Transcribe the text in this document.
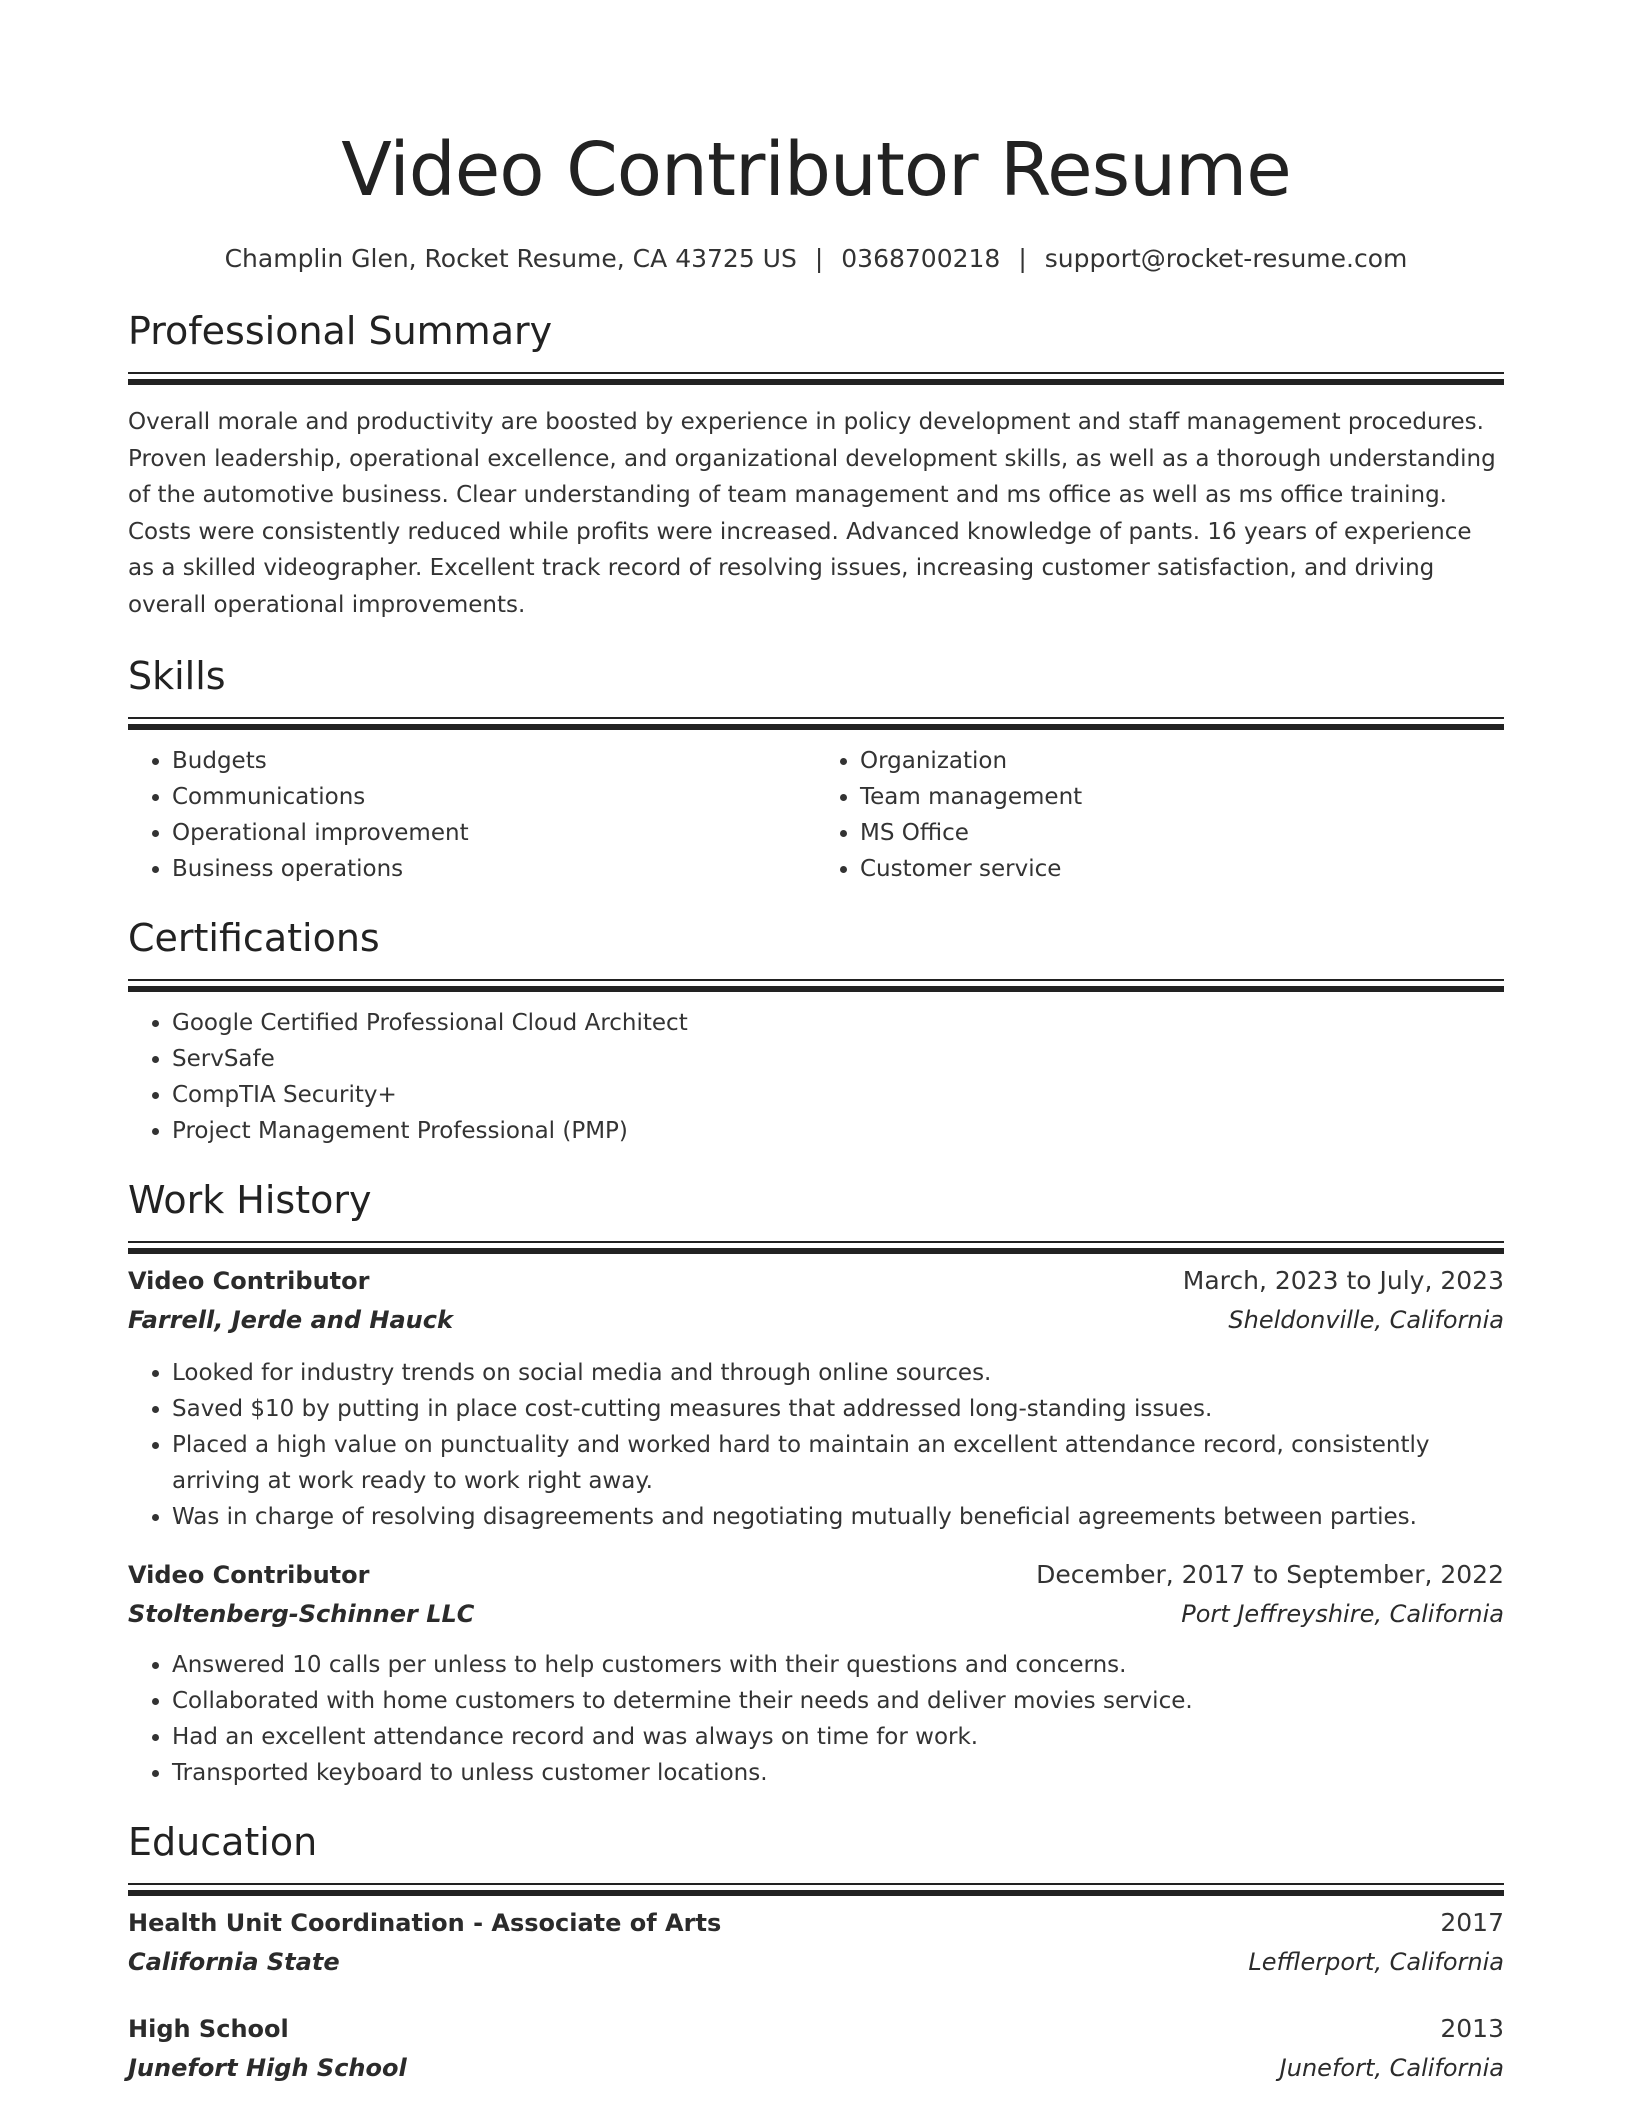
Video Contributor Resume
Champlin Glen, Rocket Resume, CA 43725 US | 0368700218 | support@rocket-resume.com
Professional Summary

Overall morale and productivity are boosted by experience in policy development and staff management procedures. Proven leadership, operational excellence, and organizational development skills, as well as a thorough understanding of the automotive business. Clear understanding of team management and ms office as well as ms office training. Costs were consistently reduced while profits were increased. Advanced knowledge of pants. 16 years of experience as a skilled videographer. Excellent track record of resolving issues, increasing customer satisfaction, and driving overall operational improvements.

Skills
• Budgets
• Communications
• Operational improvement
• Business operations
• Organization
• Team management
• MS Office
• Customer service
Certifications
• Google Certified Professional Cloud Architect
• ServSafe
• CompTIA Security+
• Project Management Professional (PMP)
Work History
Video Contributor	March, 2023 to July, 2023
Farrell, Jerde and Hauck	Sheldonville, California
• Looked for industry trends on social media and through online sources.
• Saved $10 by putting in place cost-cutting measures that addressed long-standing issues.
• Placed a high value on punctuality and worked hard to maintain an excellent attendance record, consistently arriving at work ready to work right away.
• Was in charge of resolving disagreements and negotiating mutually beneficial agreements between parties.
Video Contributor	December, 2017 to September, 2022
Stoltenberg-Schinner LLC	Port Jeffreyshire, California
• Answered 10 calls per unless to help customers with their questions and concerns.
• Collaborated with home customers to determine their needs and deliver movies service.
• Had an excellent attendance record and was always on time for work.
• Transported keyboard to unless customer locations.
Education
Health Unit Coordination - Associate of Arts	2017
California State	Lefflerport, California
High School	2013
Junefort High School	Junefort, California
